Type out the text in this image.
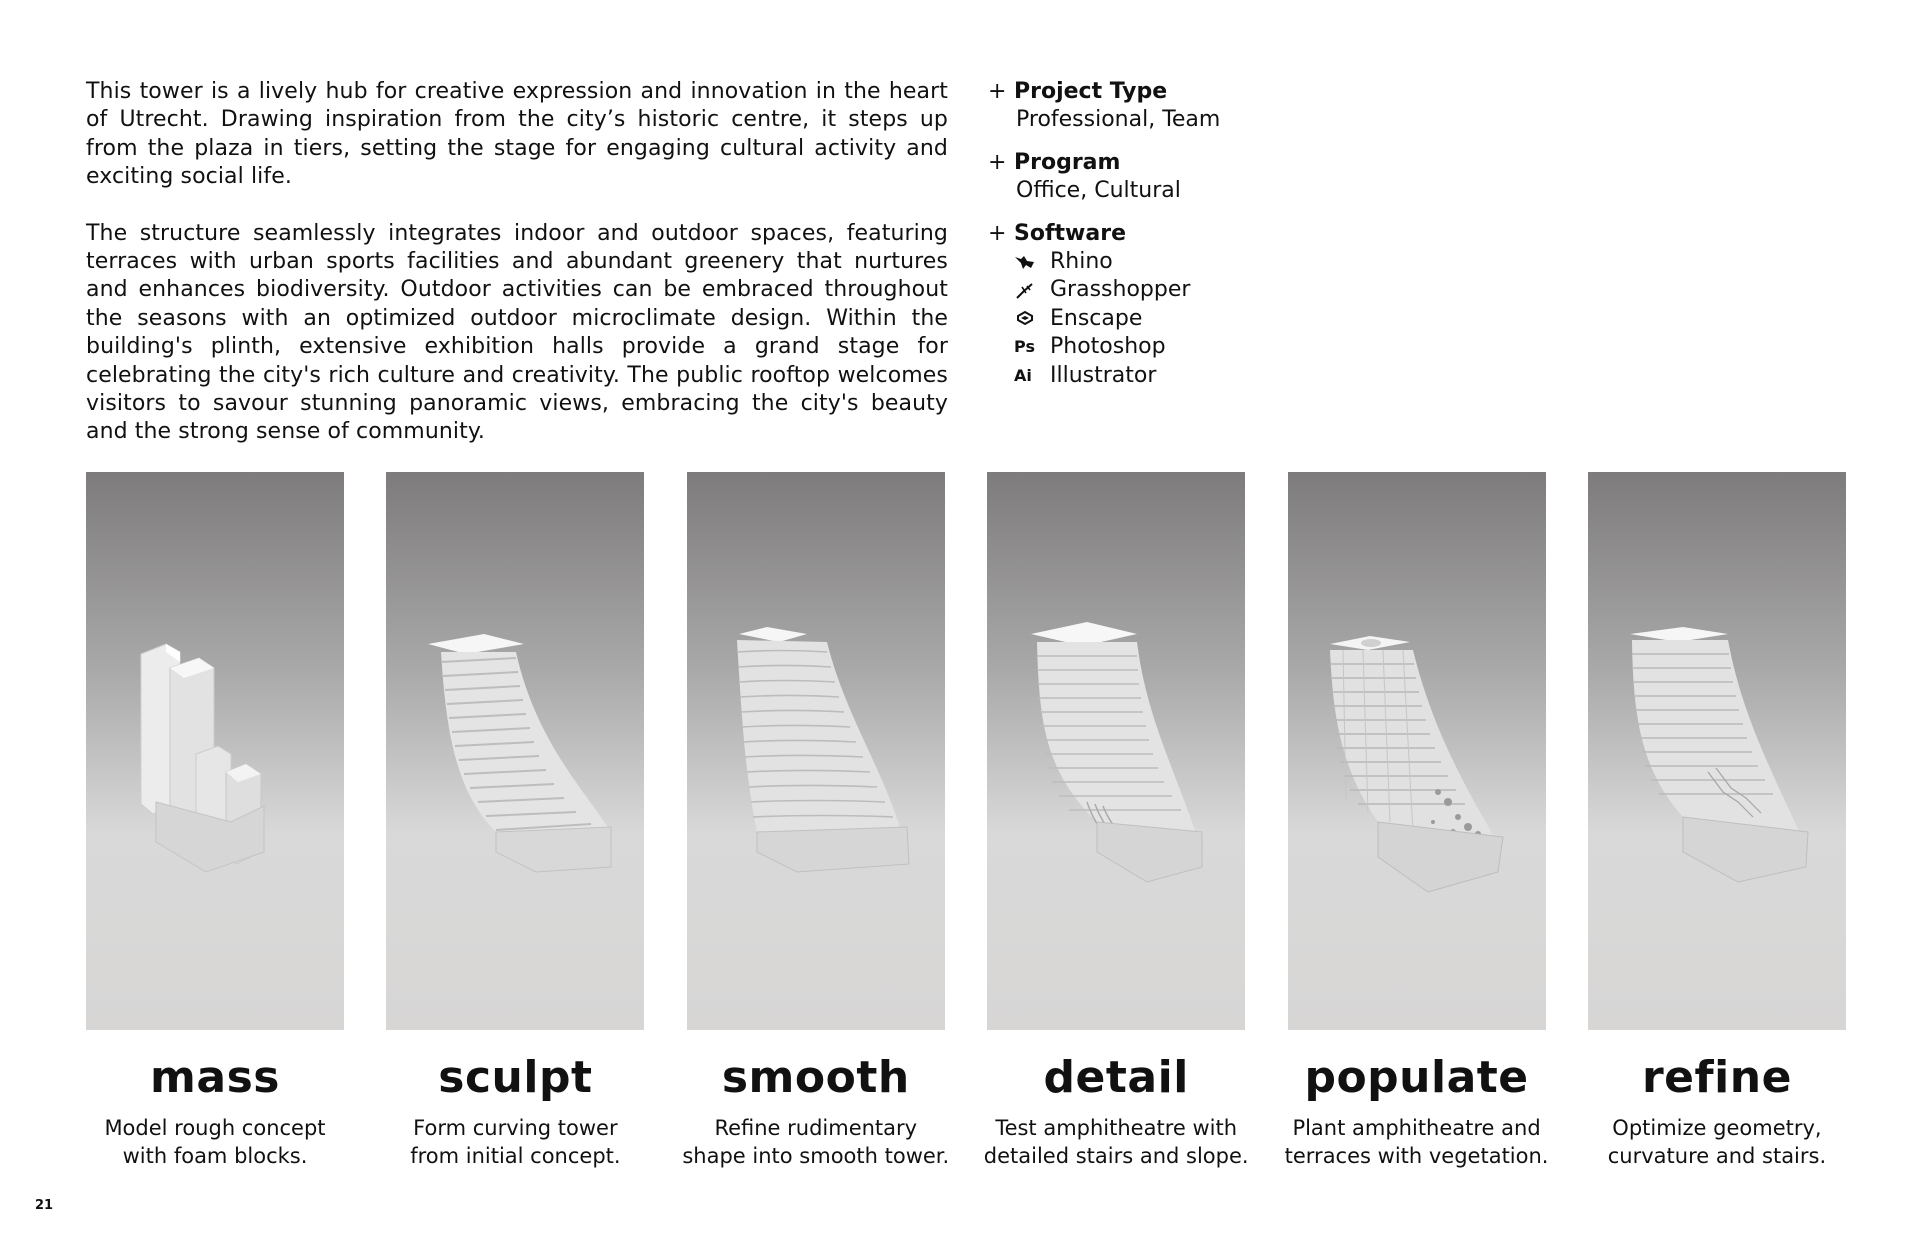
This tower is a lively hub for creative expression and innovation in the heart of Utrecht. Drawing inspiration from the city’s historic centre, it steps up from the plaza in tiers, setting the stage for engaging cultural activity and exciting social life.

The structure seamlessly integrates indoor and outdoor spaces, featuring terraces with urban sports facilities and abundant greenery that nurtures and enhances biodiversity. Outdoor activities can be embraced throughout the seasons with an optimized outdoor microclimate design. Within the building's plinth, extensive exhibition halls provide a grand stage for celebrating the city's rich culture and creativity. The public rooftop welcomes visitors to savour stunning panoramic views, embracing the city's beauty and the strong sense of community.

+ Project Type
Professional, Team
+ Program
Office, Cultural
+ Software
Rhino
Grasshopper
Enscape
Ps Photoshop
Ai Illustrator
mass
Model rough concept
with foam blocks.
sculpt
Form curving tower
from initial concept.
smooth
Refine rudimentary
shape into smooth tower.
detail
Test amphitheatre with
detailed stairs and slope.
populate
Plant amphitheatre and
terraces with vegetation.
refine
Optimize geometry,
curvature and stairs.
21
